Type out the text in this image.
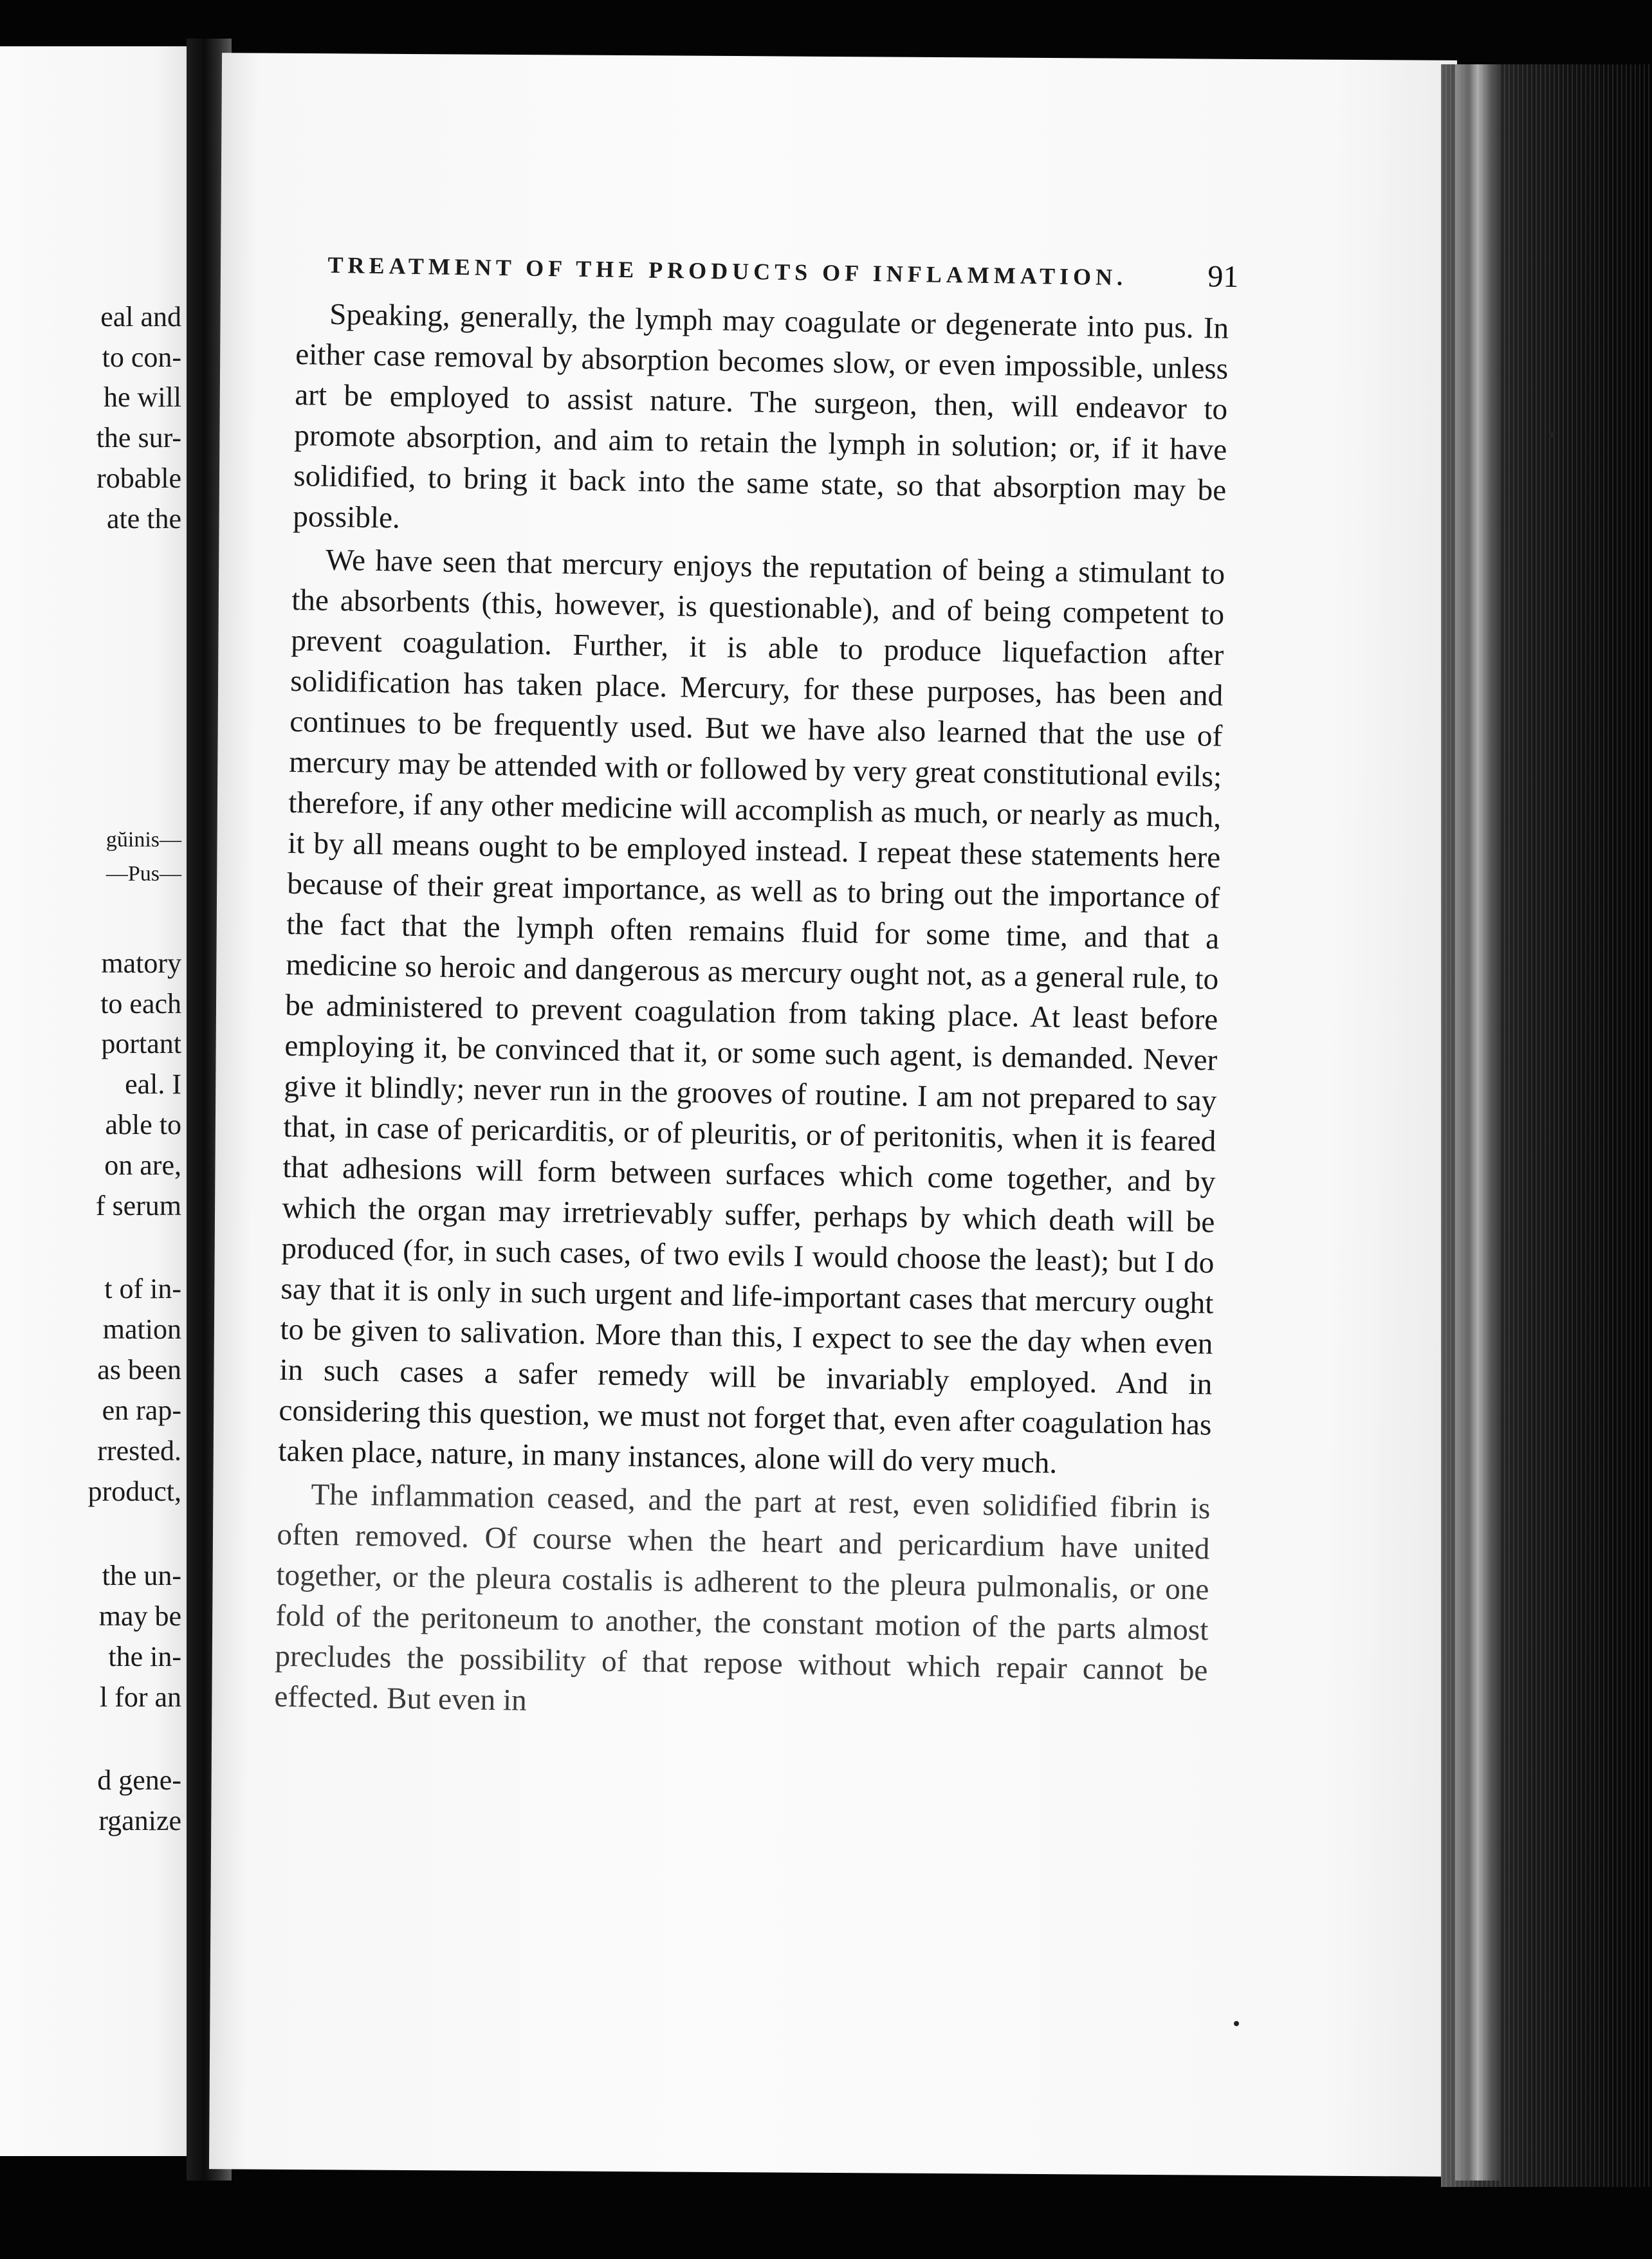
eal and
to con-
he will
the sur-
robable
ate the
gŭinis—
—Pus—
matory
to each
portant
eal. I
able to
on are,
f serum
t of in-
mation
as been
en rap-
rrested.
product,
the un-
may be
the in-
l for an
d gene-
rganize
TREATMENT OF THE PRODUCTS OF INFLAMMATION.	91

Speaking, generally, the lymph may coagulate or degenerate into pus. In either case removal by absorption becomes slow, or even impossible, unless art be employed to assist nature. The surgeon, then, will endeavor to promote absorption, and aim to retain the lymph in solution; or, if it have solidified, to bring it back into the same state, so that absorption may be possible.

We have seen that mercury enjoys the reputation of being a stimulant to the absorbents (this, however, is questionable), and of being competent to prevent coagulation. Further, it is able to produce liquefaction after solidification has taken place. Mercury, for these purposes, has been and continues to be frequently used. But we have also learned that the use of mercury may be attended with or followed by very great constitutional evils; therefore, if any other medicine will accomplish as much, or nearly as much, it by all means ought to be employed instead. I repeat these statements here because of their great importance, as well as to bring out the importance of the fact that the lymph often remains fluid for some time, and that a medicine so heroic and dangerous as mercury ought not, as a general rule, to be administered to prevent coagulation from taking place. At least before employing it, be convinced that it, or some such agent, is demanded. Never give it blindly; never run in the grooves of routine. I am not prepared to say that, in case of pericarditis, or of pleuritis, or of peritonitis, when it is feared that adhesions will form between surfaces which come together, and by which the organ may irretrievably suffer, perhaps by which death will be produced (for, in such cases, of two evils I would choose the least); but I do say that it is only in such urgent and life-important cases that mercury ought to be given to salivation. More than this, I expect to see the day when even in such cases a safer remedy will be invariably employed. And in considering this question, we must not forget that, even after coagulation has taken place, nature, in many instances, alone will do very much.

The inflammation ceased, and the part at rest, even solidified fibrin is often removed. Of course when the heart and pericardium have united together, or the pleura costalis is adherent to the pleura pulmonalis, or one fold of the peritoneum to another, the constant motion of the parts almost precludes the possibility of that repose without which repair cannot be effected. But even in
